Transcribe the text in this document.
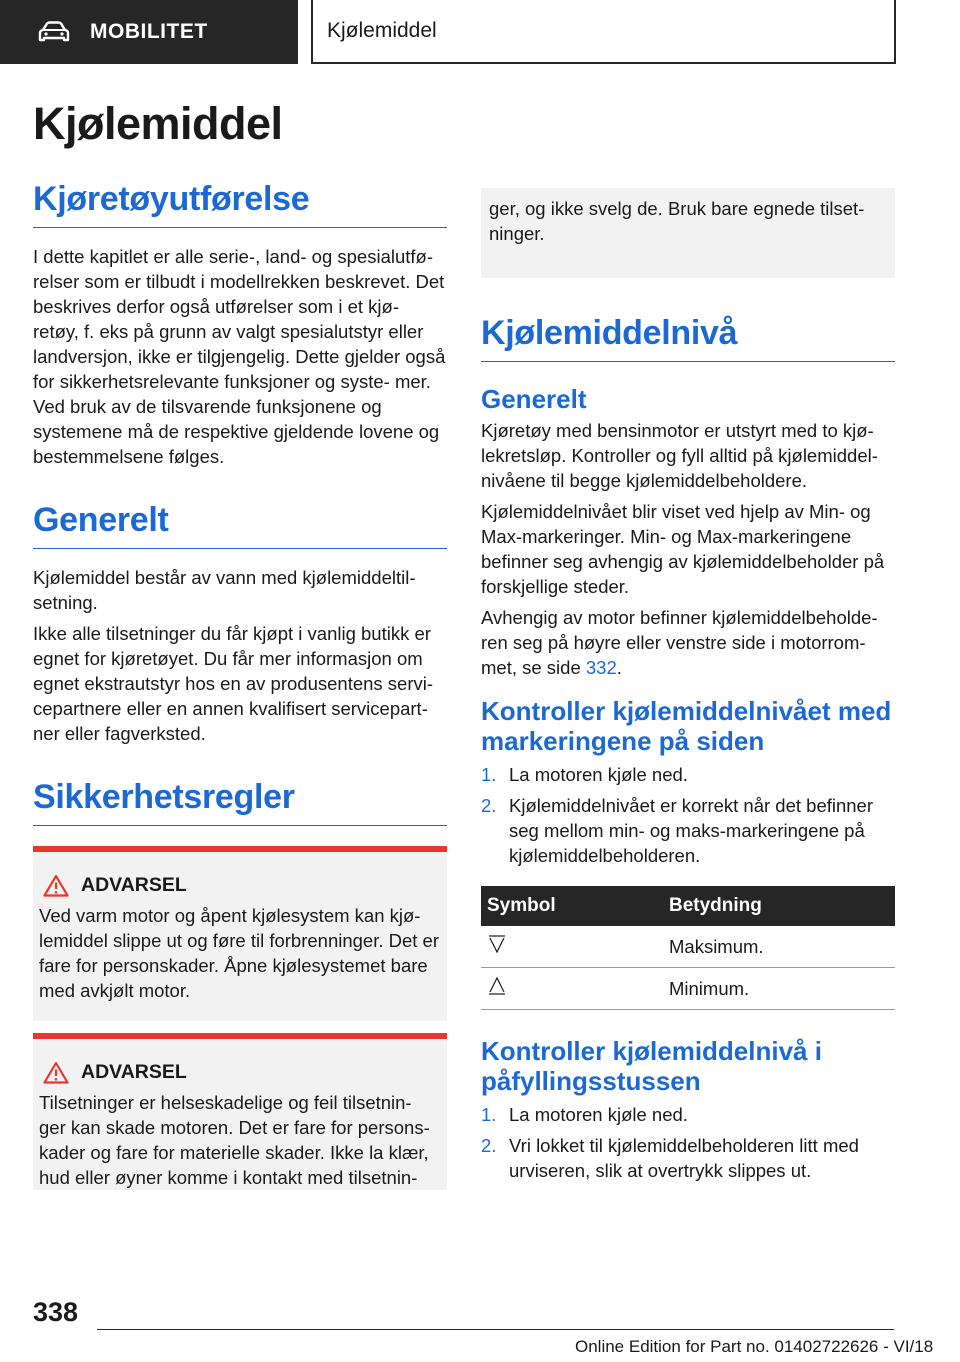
MOBILITET	Kjølemiddel
Kjølemiddel
Kjøretøyutførelse

I dette kapitlet er alle serie-, land- og spesialutfø‐ relser som er tilbudt i modellrekken beskrevet. Det beskrives derfor også utførelser som i et kjø‐ retøy, f. eks på grunn av valgt spesialutstyr eller landversjon, ikke er tilgjengelig. Dette gjelder også for sikkerhetsrelevante funksjoner og syste‐ mer. Ved bruk av de tilsvarende funksjonene og systemene må de respektive gjeldende lovene og bestemmelsene følges.

Generelt

Kjølemiddel består av vann med kjølemiddeltil‐ setning.

Ikke alle tilsetninger du får kjøpt i vanlig butikk er egnet for kjøretøyet. Du får mer informasjon om egnet ekstrautstyr hos en av produsentens servi‐ cepartnere eller en annen kvalifisert servicepart‐ ner eller fagverksted.

Sikkerhetsregler
ADVARSEL

Ved varm motor og åpent kjølesystem kan kjø‐ lemiddel slippe ut og føre til forbrenninger. Det er fare for personskader. Åpne kjølesystemet bare med avkjølt motor.

ADVARSEL

Tilsetninger er helseskadelige og feil tilsetnin‐ ger kan skade motoren. Det er fare for persons‐ kader og fare for materielle skader. Ikke la klær, hud eller øyner komme i kontakt med tilsetnin‐

ger, og ikke svelg de. Bruk bare egnede tilset‐ ninger.

Kjølemiddelnivå
Generelt

Kjøretøy med bensinmotor er utstyrt med to kjø‐ lekretsløp. Kontroller og fyll alltid på kjølemiddel‐ nivåene til begge kjølemiddelbeholdere.

Kjølemiddelnivået blir viset ved hjelp av Min- og Max-markeringer. Min- og Max-markeringene befinner seg avhengig av kjølemiddelbeholder på forskjellige steder.

Avhengig av motor befinner kjølemiddelbeholde‐ ren seg på høyre eller venstre side i motorrom‐ met, se side 332.

Kontroller kjølemiddelnivået med markeringene på siden
1. La motoren kjøle ned.
2. Kjølemiddelnivået er korrekt når det befinner seg mellom min- og maks-markeringene på kjølemiddelbeholderen.
Symbol	Betydning
	Maksimum.
	Minimum.
Kontroller kjølemiddelnivå i påfyllingsstussen
1. La motoren kjøle ned.
2. Vri lokket til kjølemiddelbeholderen litt med urviseren, slik at overtrykk slippes ut.

338

Online Edition for Part no. 01402722626 - VI/18
